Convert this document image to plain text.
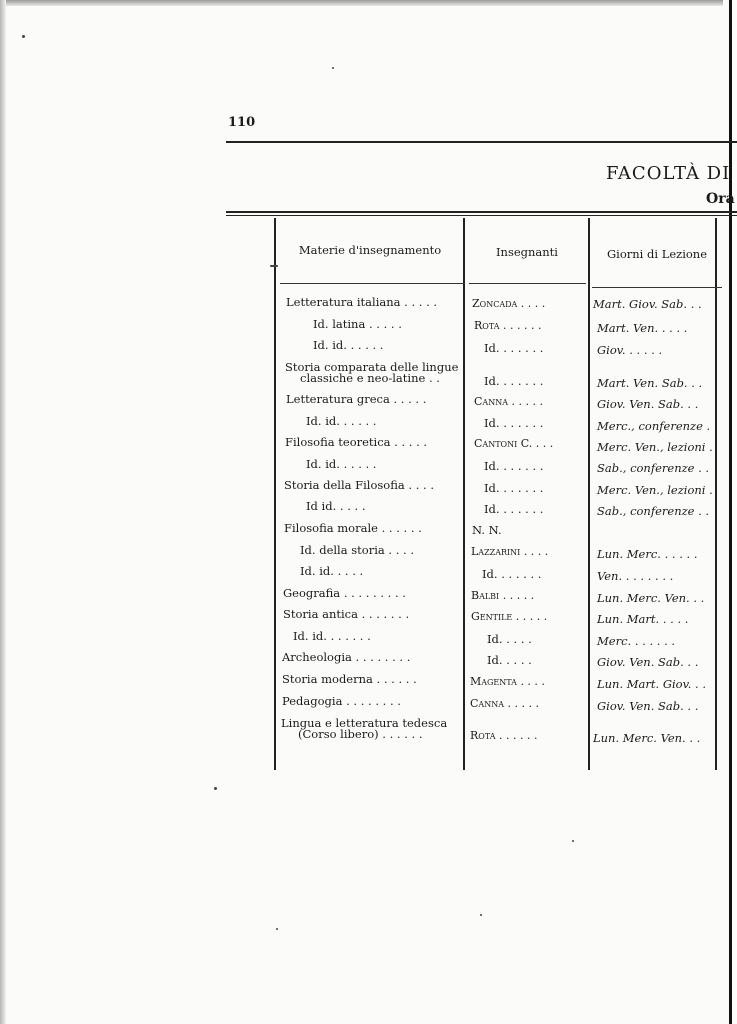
110
FACOLTÀ DI
Ora
Materie d'insegnamento	Insegnanti	Giorni di Lezione
Letteratura italiana . . . . .	Zoncada . . . .	Mart. Giov. Sab. . .
Id. latina . . . . .	Rota . . . . . .	Mart. Ven. . . . .
Id. id. . . . . .	Id. . . . . . .	Giov. . . . . .
Storia comparata delle lingue
classiche e neo-latine . .	Id. . . . . . .	Mart. Ven. Sab. . .
Letteratura greca . . . . .	Canna . . . . .	Giov. Ven. Sab. . .
Id. id. . . . . .	Id. . . . . . .	Merc., conferenze .
Filosofia teoretica . . . . .	Cantoni C. . . .	Merc. Ven., lezioni .
Id. id. . . . . .	Id. . . . . . .	Sab., conferenze . .
Storia della Filosofia . . . .	Id. . . . . . .	Merc. Ven., lezioni .
Id id. . . . .	Id. . . . . . .	Sab., conferenze . .
Filosofia morale . . . . . .	N. N.
Id. della storia . . . .	Lazzarini . . . .	Lun. Merc. . . . . .
Id. id. . . . .	Id. . . . . . .	Ven. . . . . . . .
Geografia . . . . . . . . .	Balbi . . . . .	Lun. Merc. Ven. . .
Storia antica . . . . . . .	Gentile . . . . .	Lun. Mart. . . . .
Id. id. . . . . . .	Id. . . . .	Merc. . . . . . .
Archeologia . . . . . . . .	Id. . . . .	Giov. Ven. Sab. . .
Storia moderna . . . . . .	Magenta . . . .	Lun. Mart. Giov. . .
Pedagogia . . . . . . . .	Canna . . . . .	Giov. Ven. Sab. . .
Lingua e letteratura tedesca
(Corso libero) . . . . . .	Rota . . . . . .	Lun. Merc. Ven. . .
